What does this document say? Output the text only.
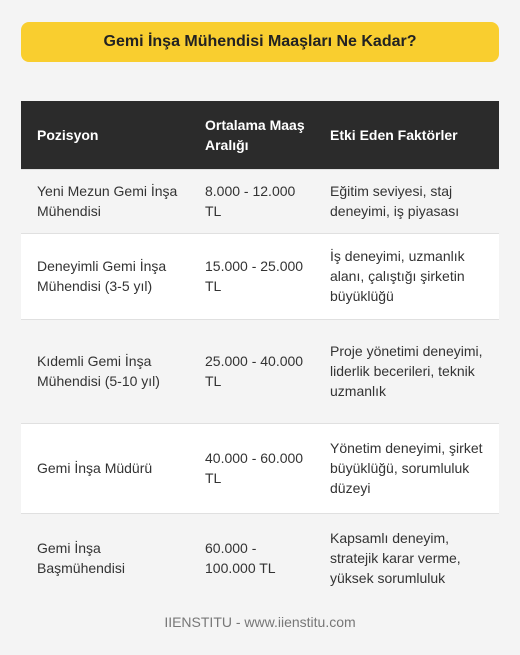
Gemi İnşa Mühendisi Maaşları Ne Kadar?
Pozisyon	Ortalama Maaş Aralığı	Etki Eden Faktörler
Yeni Mezun Gemi İnşa Mühendisi	8.000 - 12.000 TL	Eğitim seviyesi, staj deneyimi, iş piyasası
Deneyimli Gemi İnşa Mühendisi (3-5 yıl)	15.000 - 25.000 TL	İş deneyimi, uzmanlık alanı, çalıştığı şirketin büyüklüğü
Kıdemli Gemi İnşa Mühendisi (5-10 yıl)	25.000 - 40.000 TL	Proje yönetimi deneyimi, liderlik becerileri, teknik uzmanlık
Gemi İnşa Müdürü	40.000 - 60.000 TL	Yönetim deneyimi, şirket büyüklüğü, sorumluluk düzeyi
Gemi İnşa Başmühendisi	60.000 - 100.000 TL	Kapsamlı deneyim, stratejik karar verme, yüksek sorumluluk
IIENSTITU - www.iienstitu.com
